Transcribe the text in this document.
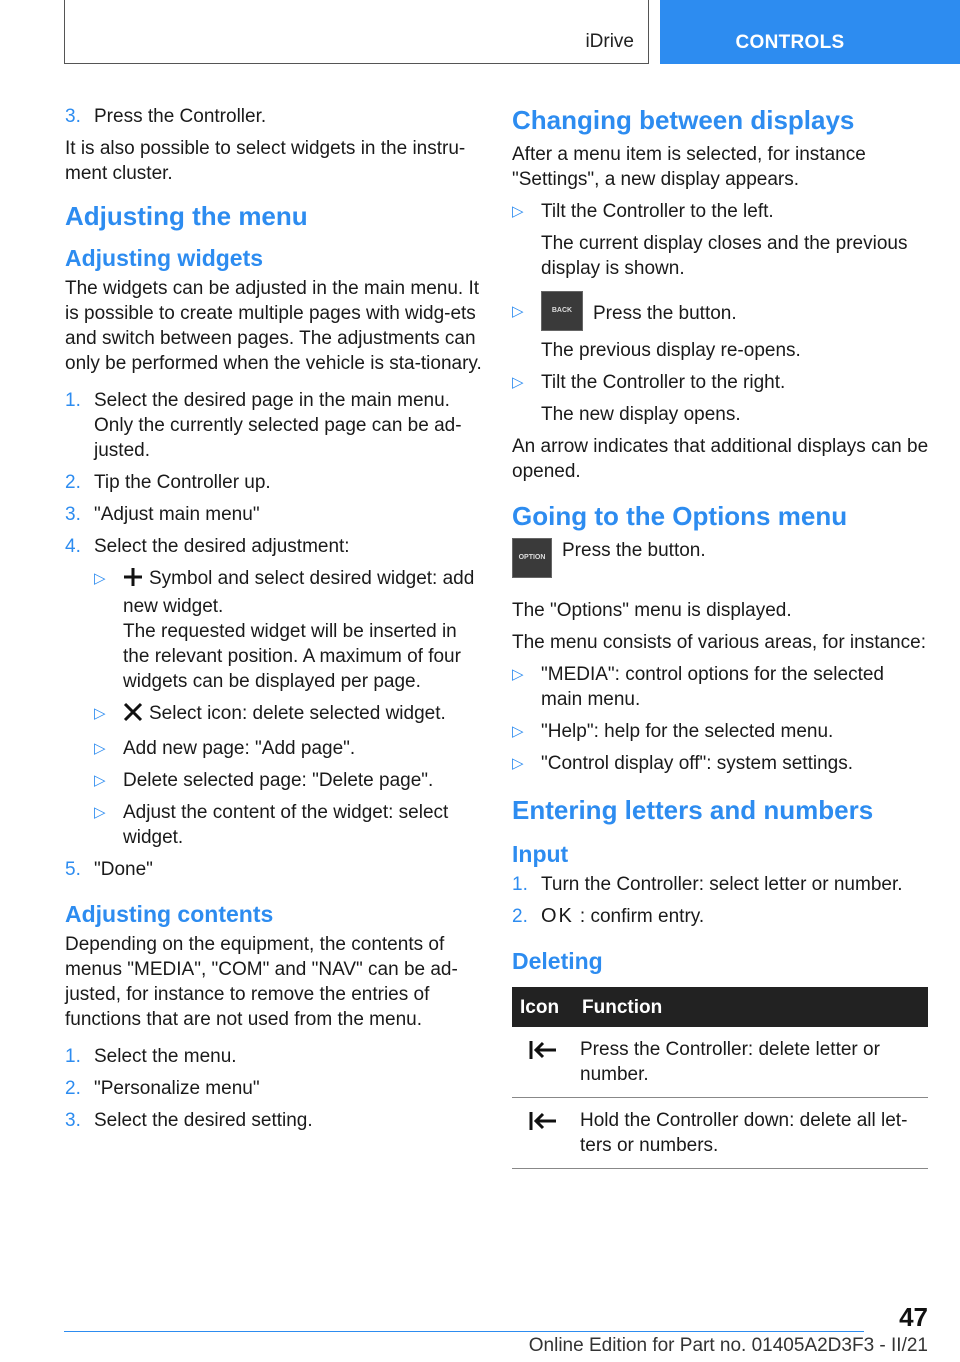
iDrive	CONTROLS
3. Press the Controller.

It is also possible to select widgets in the instru-ment cluster.

Adjusting the menu
Adjusting widgets

The widgets can be adjusted in the main menu. It is possible to create multiple pages with widg-ets and switch between pages. The adjustments can only be performed when the vehicle is sta-tionary.

1. Select the desired page in the main menu. Only the currently selected page can be ad-justed.
2. Tip the Controller up.
3. "Adjust main menu"
4. Select the desired adjustment:
▷ Symbol and select desired widget: add new widget.

The requested widget will be inserted in the relevant position. A maximum of four widgets can be displayed per page.

▷ Select icon: delete selected widget.
▷ Add new page: "Add page".
▷ Delete selected page: "Delete page".
▷ Adjust the content of the widget: select widget.
5. "Done"
Adjusting contents

Depending on the equipment, the contents of menus "MEDIA", "COM" and "NAV" can be ad-justed, for instance to remove the entries of functions that are not used from the menu.

1. Select the menu.
2. "Personalize menu"
3. Select the desired setting.
Changing between displays

After a menu item is selected, for instance "Settings", a new display appears.

▷ Tilt the Controller to the left.

The current display closes and the previous display is shown.

▷	BACK Press the button.

The previous display re-opens.

▷ Tilt the Controller to the right.

The new display opens.

An arrow indicates that additional displays can be opened.

Going to the Options menu
OPTION Press the button.

The "Options" menu is displayed.

The menu consists of various areas, for instance:

▷ "MEDIA": control options for the selected main menu.
▷ "Help": help for the selected menu.
▷ "Control display off": system settings.
Entering letters and numbers
Input
1. Turn the Controller: select letter or number.
2. OK : confirm entry.
Deleting
Icon	Function
	Press the Controller: delete letter or number.
	Hold the Controller down: delete all let-ters or numbers.
47
Online Edition for Part no. 01405A2D3F3 - II/21
